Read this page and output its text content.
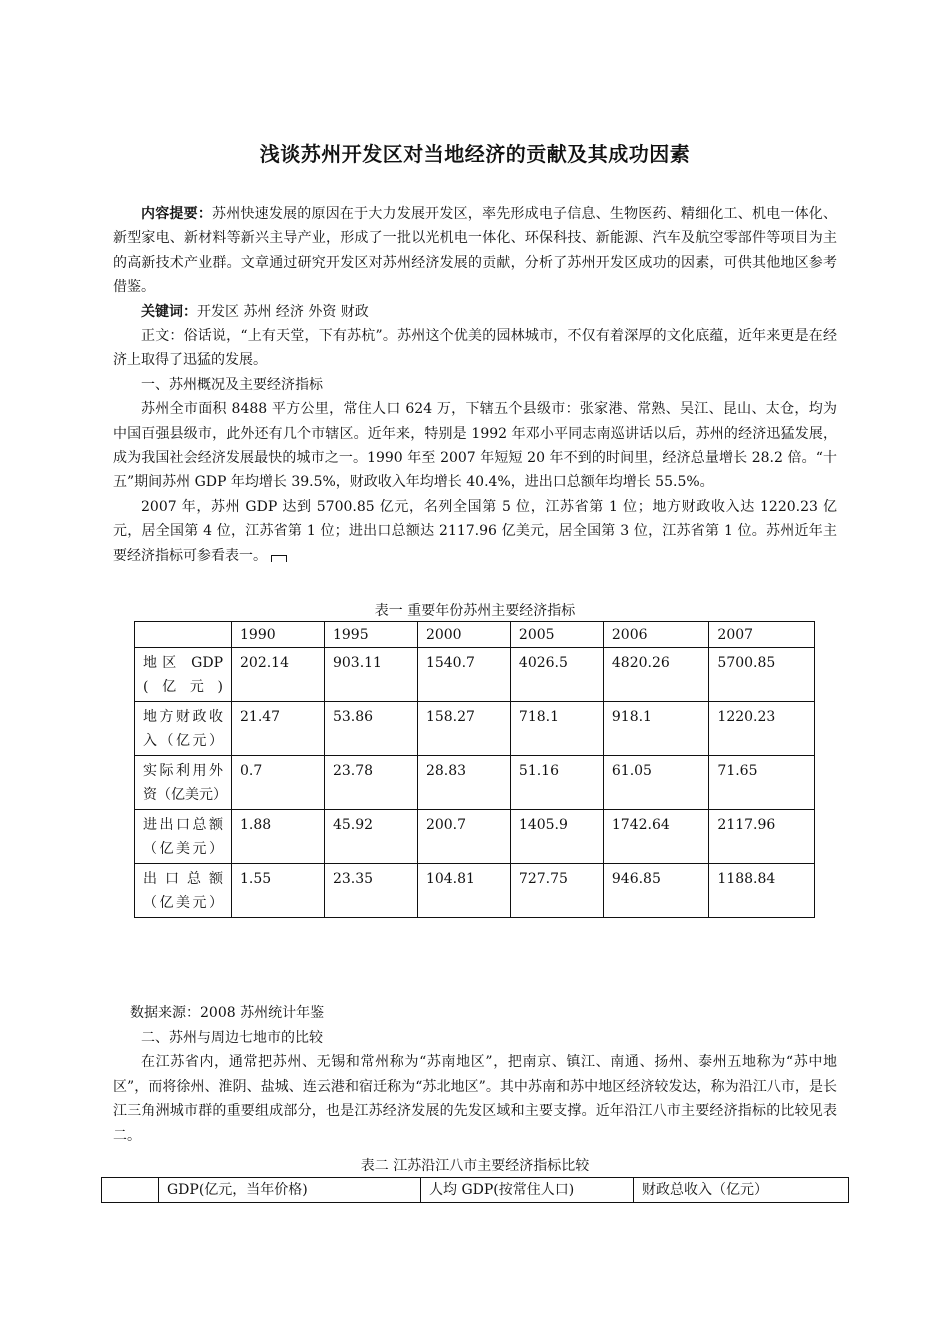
浅谈苏州开发区对当地经济的贡献及其成功因素

内容提要：苏州快速发展的原因在于大力发展开发区，率先形成电子信息、生物医药、精细化工、机电一体化、新型家电、新材料等新兴主导产业，形成了一批以光机电一体化、环保科技、新能源、汽车及航空零部件等项目为主的高新技术产业群。文章通过研究开发区对苏州经济发展的贡献，分析了苏州开发区成功的因素，可供其他地区参考借鉴。

关键词：开发区 苏州 经济 外资 财政

正文：俗话说，“上有天堂，下有苏杭”。苏州这个优美的园林城市，不仅有着深厚的文化底蕴，近年来更是在经济上取得了迅猛的发展。

一、苏州概况及主要经济指标

苏州全市面积 8488 平方公里，常住人口 624 万，下辖五个县级市：张家港、常熟、吴江、昆山、太仓，均为中国百强县级市，此外还有几个市辖区。近年来，特别是 1992 年邓小平同志南巡讲话以后，苏州的经济迅猛发展，成为我国社会经济发展最快的城市之一。1990 年至 2007 年短短 20 年不到的时间里，经济总量增长 28.2 倍。“十五”期间苏州 GDP 年均增长 39.5%，财政收入年均增长 40.4%，进出口总额年均增长 55.5%。

2007 年，苏州 GDP 达到 5700.85 亿元，名列全国第 5 位，江苏省第 1 位；地方财政收入达 1220.23 亿元，居全国第 4 位，江苏省第 1 位；进出口总额达 2117.96 亿美元，居全国第 3 位，江苏省第 1 位。苏州近年主要经济指标可参看表一。

表一 重要年份苏州主要经济指标
	1990	1995	2000	2005	2006	2007
地区 GDP (亿元)	202.14	903.11	1540.7	4026.5	4820.26	5700.85
地方财政收入（亿元）	21.47	53.86	158.27	718.1	918.1	1220.23
实际利用外资（亿美元）	0.7	23.78	28.83	51.16	61.05	71.65
进出口总额（亿美元）	1.88	45.92	200.7	1405.9	1742.64	2117.96
出口总额（亿美元）	1.55	23.35	104.81	727.75	946.85	1188.84
数据来源：2008 苏州统计年鉴

二、苏州与周边七地市的比较

在江苏省内，通常把苏州、无锡和常州称为“苏南地区”，把南京、镇江、南通、扬州、泰州五地称为“苏中地区”，而将徐州、淮阴、盐城、连云港和宿迁称为“苏北地区”。其中苏南和苏中地区经济较发达，称为沿江八市，是长江三角洲城市群的重要组成部分，也是江苏经济发展的先发区域和主要支撑。近年沿江八市主要经济指标的比较见表二。

表二 江苏沿江八市主要经济指标比较
	GDP(亿元，当年价格)	人均 GDP(按常住人口)	财政总收入（亿元）
